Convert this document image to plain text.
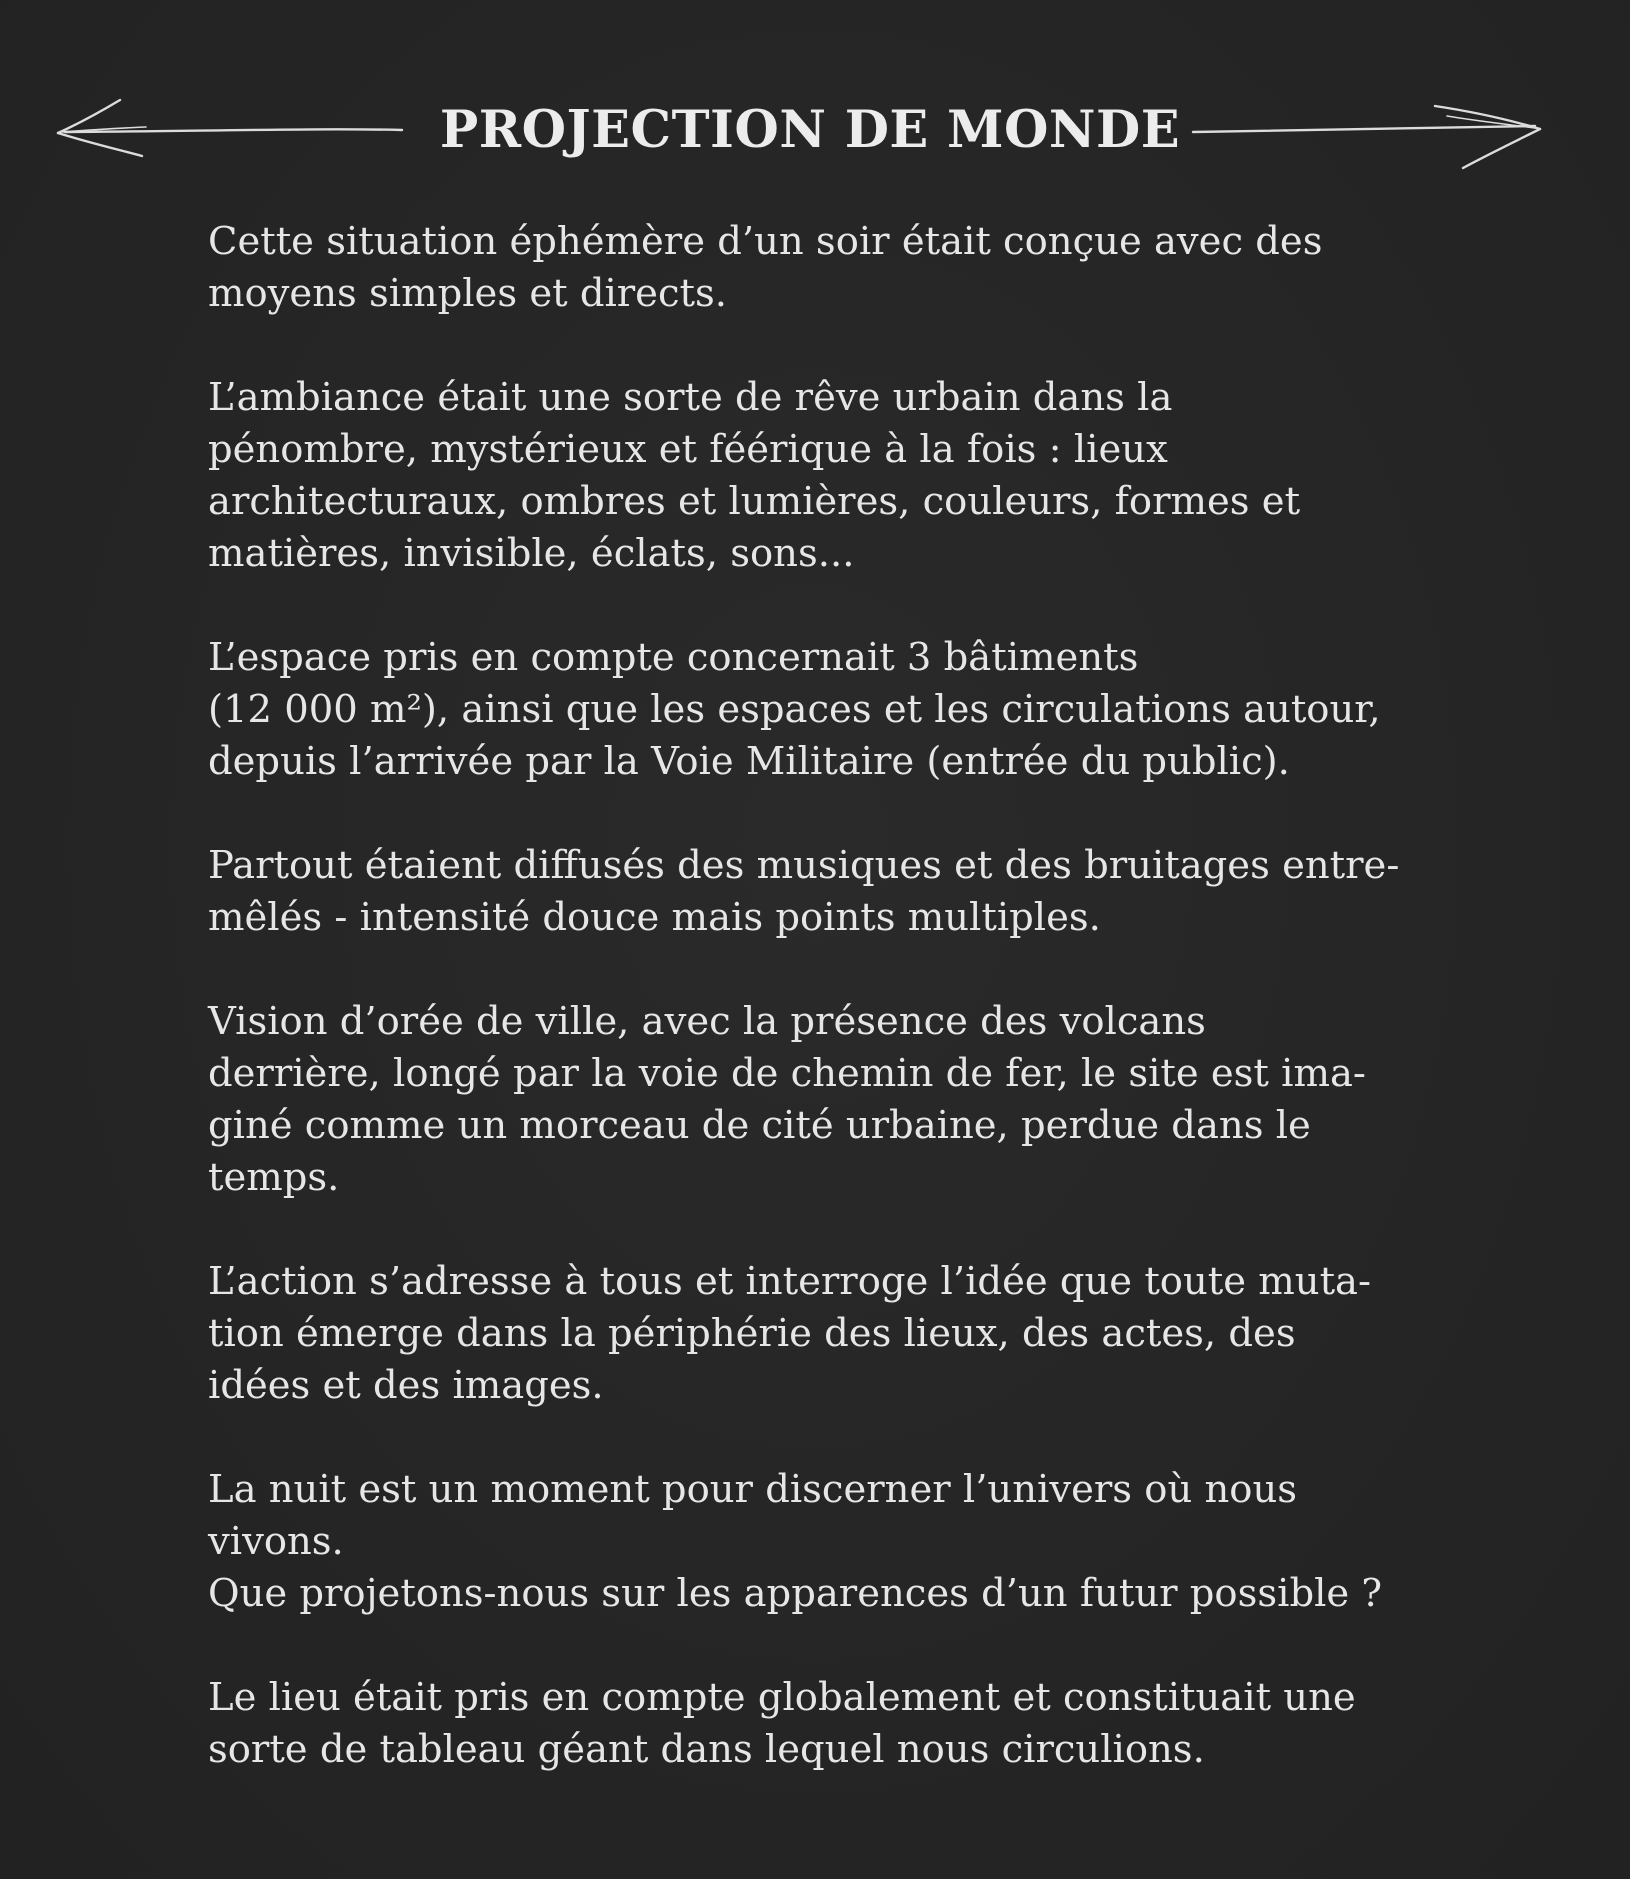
PROJECTION DE MONDE
Cette situation éphémère d’un soir était conçue avec des
moyens simples et directs.
L’ambiance était une sorte de rêve urbain dans la
pénombre, mystérieux et féérique à la fois : lieux
architecturaux, ombres et lumières, couleurs, formes et
matières, invisible, éclats, sons...
L’espace pris en compte concernait 3 bâtiments
(12 000 m²), ainsi que les espaces et les circulations autour,
depuis l’arrivée par la Voie Militaire (entrée du public).
Partout étaient diffusés des musiques et des bruitages entre-
mêlés - intensité douce mais points multiples.
Vision d’orée de ville, avec la présence des volcans
derrière, longé par la voie de chemin de fer, le site est ima-
giné comme un morceau de cité urbaine, perdue dans le
temps.
L’action s’adresse à tous et interroge l’idée que toute muta-
tion émerge dans la périphérie des lieux, des actes, des
idées et des images.
La nuit est un moment pour discerner l’univers où nous
vivons.
Que projetons-nous sur les apparences d’un futur possible ?
Le lieu était pris en compte globalement et constituait une
sorte de tableau géant dans lequel nous circulions.
